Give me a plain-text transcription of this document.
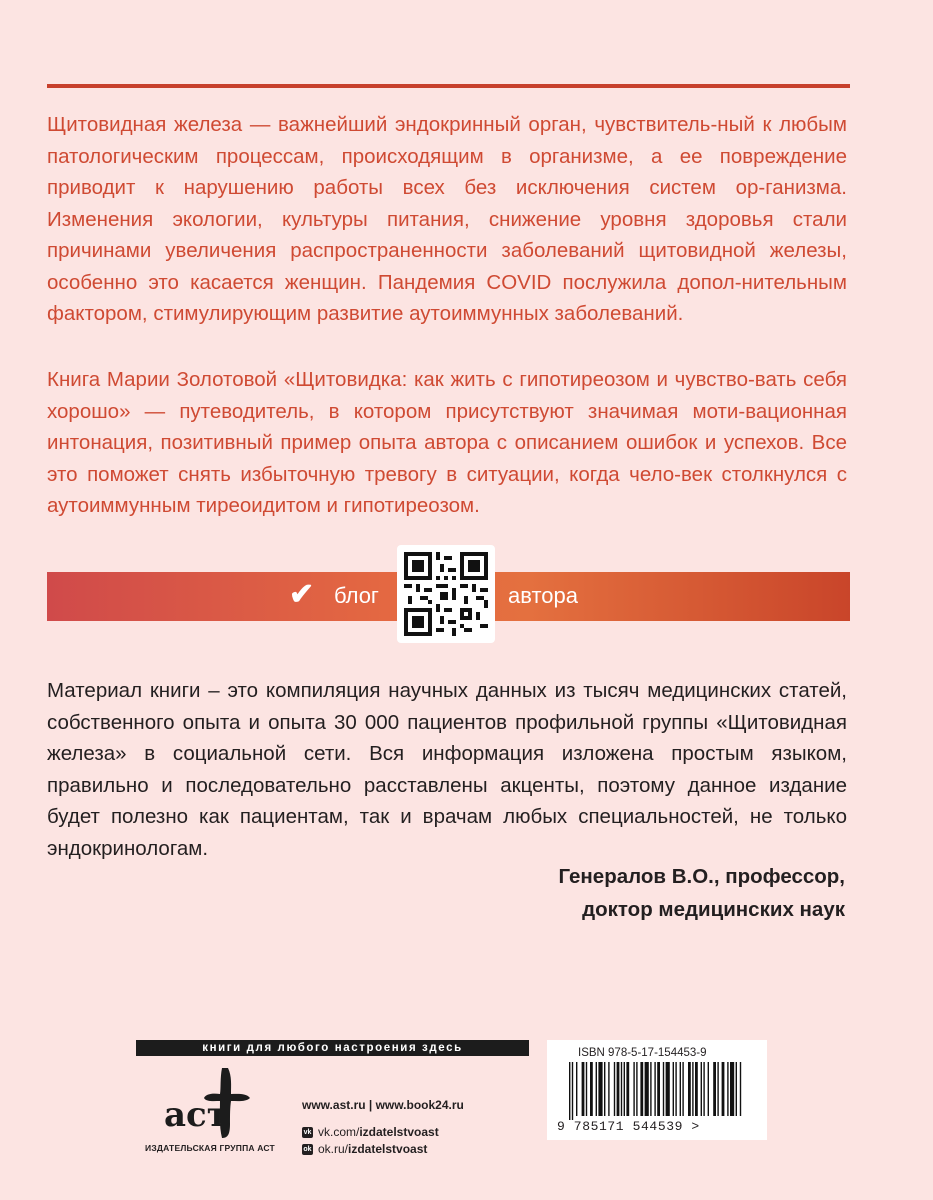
Щитовидная железа — важнейший эндокринный орган, чувствитель-ный к любым патологическим процессам, происходящим в организме, а ее повреждение приводит к нарушению работы всех без исключения систем ор-ганизма. Изменения экологии, культуры питания, снижение уровня здоровья стали причинами увеличения распространенности заболеваний щитовидной железы, особенно это касается женщин. Пандемия COVID послужила допол-нительным фактором, стимулирующим развитие аутоиммунных заболеваний.

Книга Марии Золотовой «Щитовидка: как жить с гипотиреозом и чувство-вать себя хорошо» — путеводитель, в котором присутствуют значимая моти-вационная интонация, позитивный пример опыта автора с описанием ошибок и успехов. Все это поможет снять избыточную тревогу в ситуации, когда чело-век столкнулся с аутоиммунным тиреоидитом и гипотиреозом.

✔ блог	автора

Материал книги – это компиляция научных данных из тысяч медицинских статей, собственного опыта и опыта 30 000 пациентов профильной группы «Щитовидная железа» в социальной сети. Вся информация изложена простым языком, правильно и последовательно расставлены акценты, поэтому данное издание будет полезно как пациентам, так и врачам любых специальностей, не только эндокринологам.

Генералов В.О., профессор,
доктор медицинских наук
книги для любого настроения здесь
аст
ИЗДАТЕЛЬСКАЯ ГРУППА АСТ
www.ast.ru | www.book24.ru
vk vk.com/ izdatelstvoast
ok ok.ru/ izdatelstvoast
ISBN 978-5-17-154453-9
9 785171 544539 >
